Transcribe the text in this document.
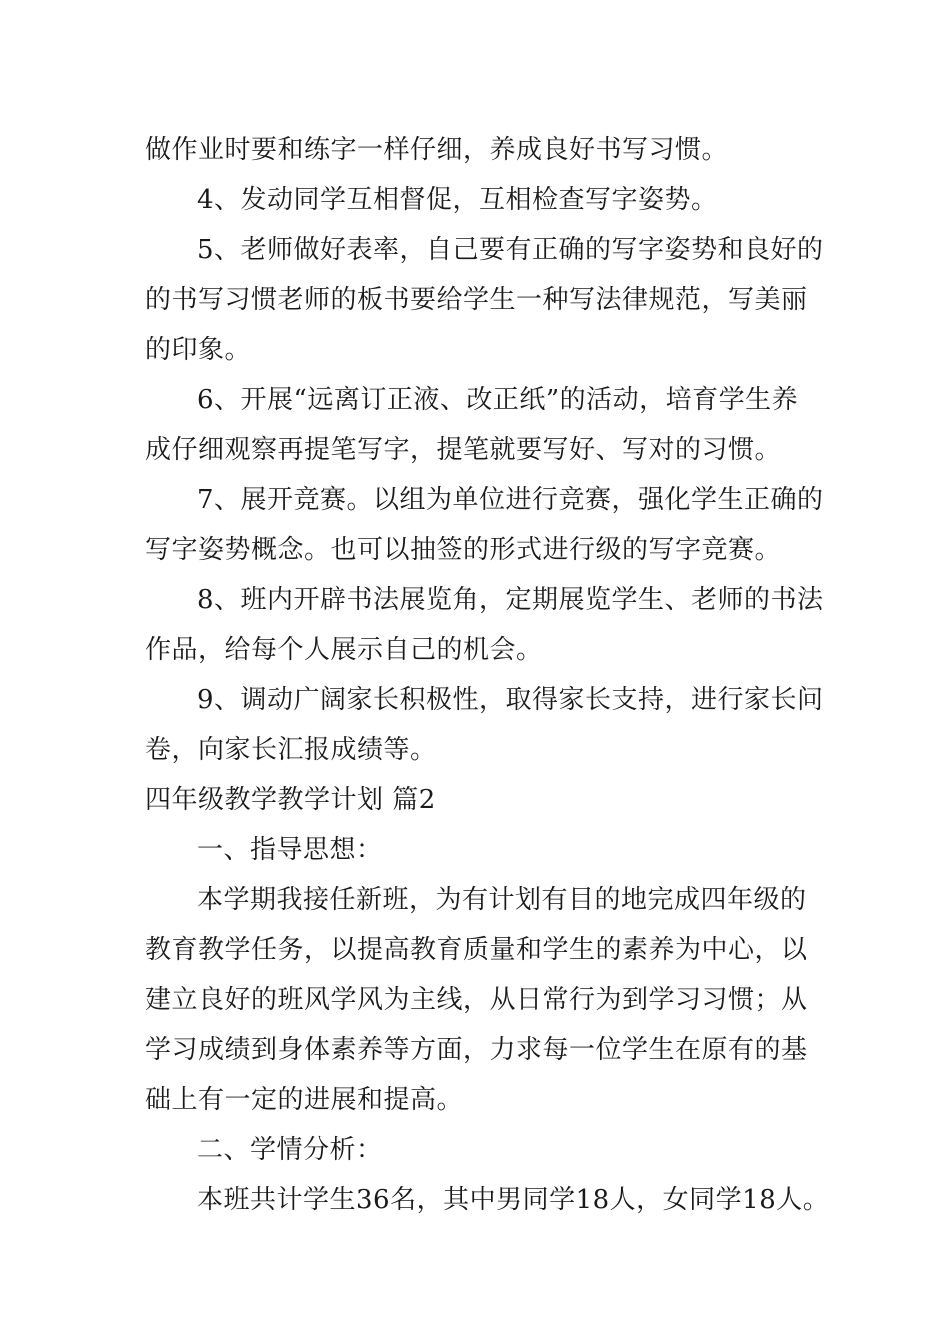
做作业时要和练字一样仔细，养成良好书写习惯。
4、发动同学互相督促，互相检查写字姿势。
5、老师做好表率，自己要有正确的写字姿势和良好的
的书写习惯老师的板书要给学生一种写法律规范，写美丽
的印象。
6、开展“远离订正液、改正纸”的活动，培育学生养
成仔细观察再提笔写字，提笔就要写好、写对的习惯。
7、展开竞赛。以组为单位进行竞赛，强化学生正确的
写字姿势概念。也可以抽签的形式进行级的写字竞赛。
8、班内开辟书法展览角，定期展览学生、老师的书法
作品，给每个人展示自己的机会。
9、调动广阔家长积极性，取得家长支持，进行家长问
卷，向家长汇报成绩等。
四年级教学教学计划 篇2
一、指导思想：
本学期我接任新班，为有计划有目的地完成四年级的
教育教学任务，以提高教育质量和学生的素养为中心，以
建立良好的班风学风为主线，从日常行为到学习习惯；从
学习成绩到身体素养等方面，力求每一位学生在原有的基
础上有一定的进展和提高。
二、学情分析：
本班共计学生36名，其中男同学18人，女同学18人。
